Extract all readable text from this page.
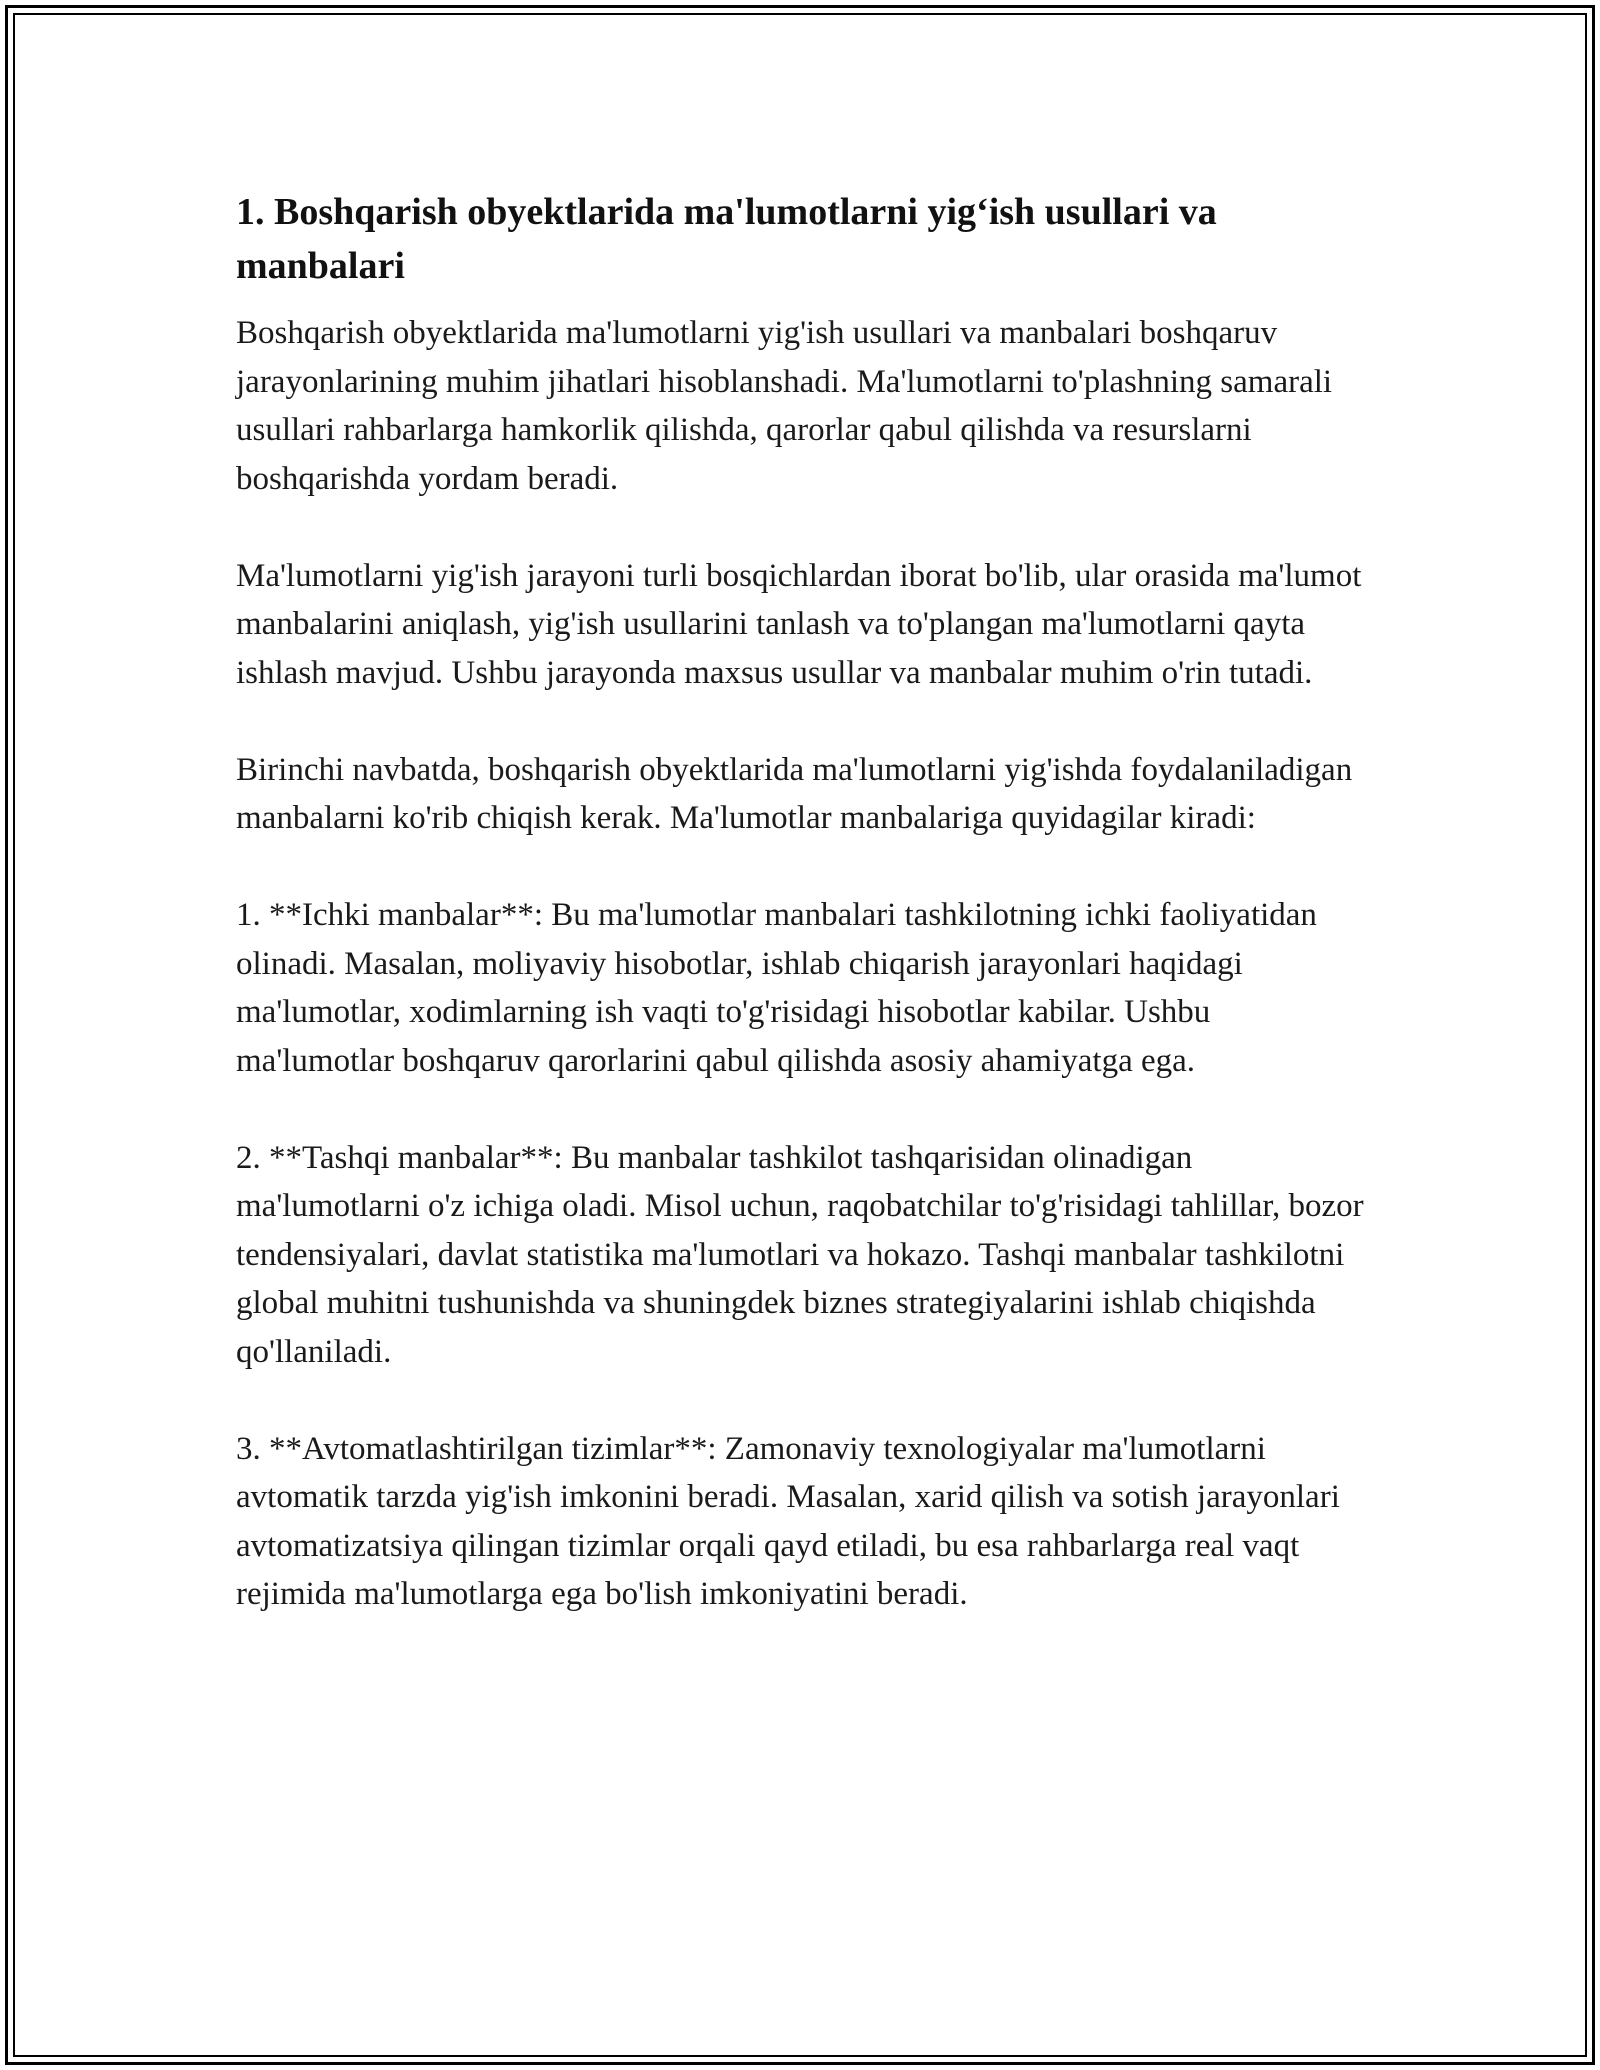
1. Boshqarish obyektlarida ma'lumotlarni yig‘ish usullari va manbalari

Boshqarish obyektlarida ma'lumotlarni yig'ish usullari va manbalari boshqaruv jarayonlarining muhim jihatlari hisoblanshadi. Ma'lumotlarni to'plashning samarali usullari rahbarlarga hamkorlik qilishda, qarorlar qabul qilishda va resurslarni boshqarishda yordam beradi.

Ma'lumotlarni yig'ish jarayoni turli bosqichlardan iborat bo'lib, ular orasida ma'lumot manbalarini aniqlash, yig'ish usullarini tanlash va to'plangan ma'lumotlarni qayta ishlash mavjud. Ushbu jarayonda maxsus usullar va manbalar muhim o'rin tutadi.

Birinchi navbatda, boshqarish obyektlarida ma'lumotlarni yig'ishda foydalaniladigan manbalarni ko'rib chiqish kerak. Ma'lumotlar manbalariga quyidagilar kiradi:

1. **Ichki manbalar**: Bu ma'lumotlar manbalari tashkilotning ichki faoliyatidan olinadi. Masalan, moliyaviy hisobotlar, ishlab chiqarish jarayonlari haqidagi ma'lumotlar, xodimlarning ish vaqti to'g'risidagi hisobotlar kabilar. Ushbu ma'lumotlar boshqaruv qarorlarini qabul qilishda asosiy ahamiyatga ega.

2. **Tashqi manbalar**: Bu manbalar tashkilot tashqarisidan olinadigan ma'lumotlarni o'z ichiga oladi. Misol uchun, raqobatchilar to'g'risidagi tahlillar, bozor tendensiyalari, davlat statistika ma'lumotlari va hokazo. Tashqi manbalar tashkilotni global muhitni tushunishda va shuningdek biznes strategiyalarini ishlab chiqishda qo'llaniladi.

3. **Avtomatlashtirilgan tizimlar**: Zamonaviy texnologiyalar ma'lumotlarni avtomatik tarzda yig'ish imkonini beradi. Masalan, xarid qilish va sotish jarayonlari avtomatizatsiya qilingan tizimlar orqali qayd etiladi, bu esa rahbarlarga real vaqt rejimida ma'lumotlarga ega bo'lish imkoniyatini beradi.
